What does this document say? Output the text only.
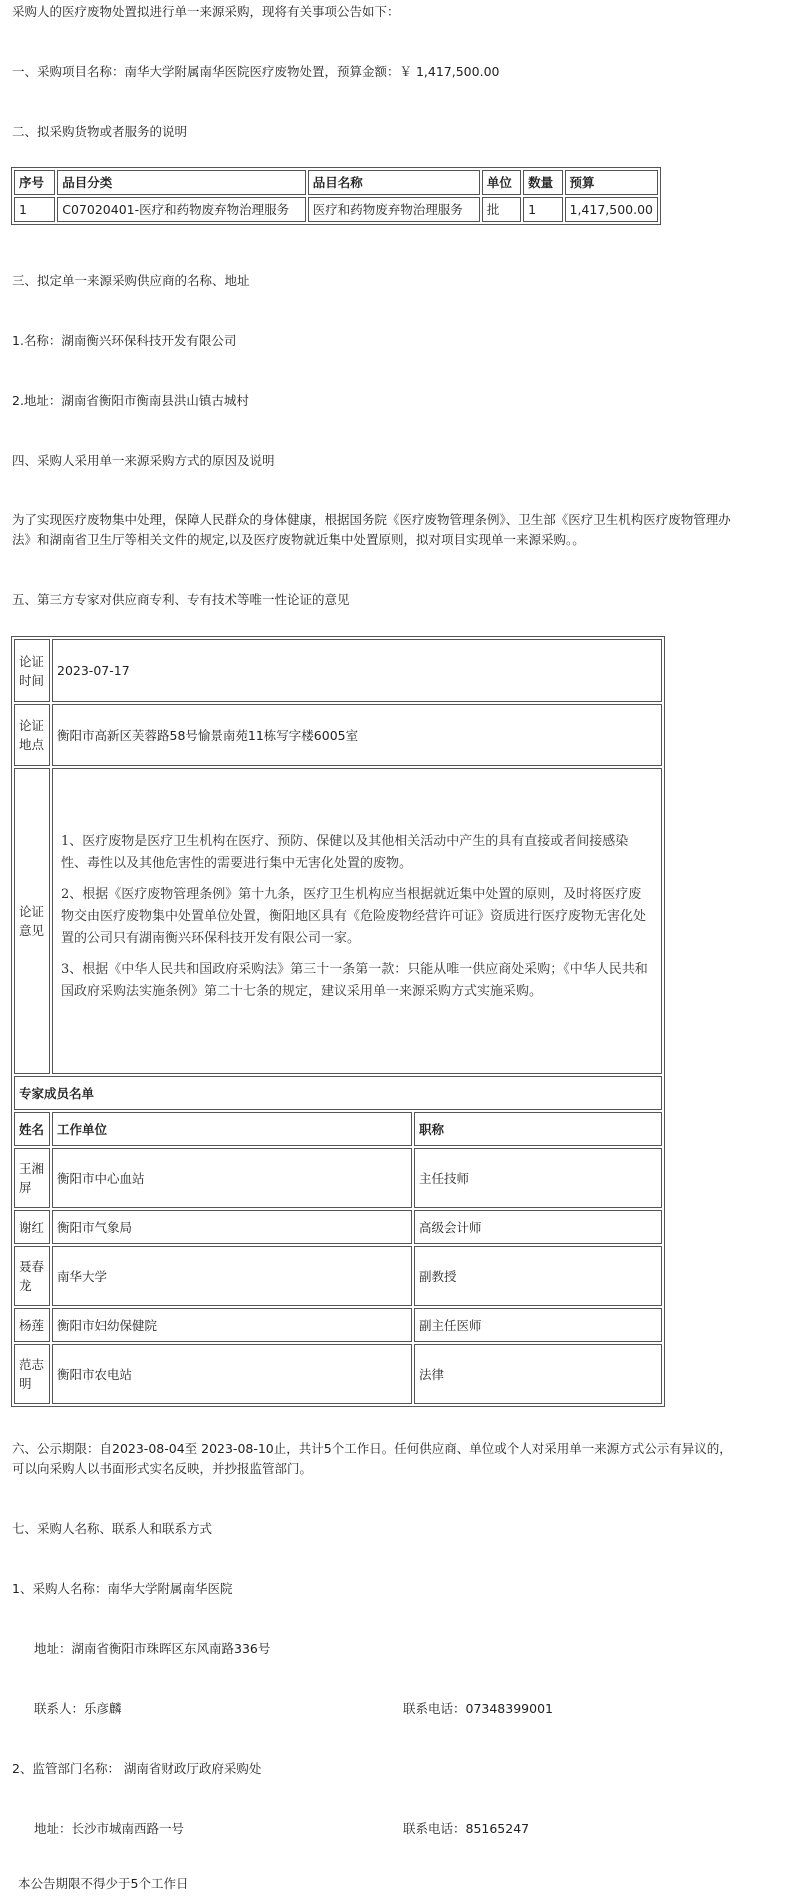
采购人的医疗废物处置拟进行单一来源采购，现将有关事项公告如下：

一、采购项目名称：南华大学附属南华医院医疗废物处置，预算金额：￥ 1,417,500.00

二、拟采购货物或者服务的说明

序号	品目分类	品目名称	单位	数量	预算
1	C07020401-医疗和药物废弃物治理服务	医疗和药物废弃物治理服务	批	1	1,417,500.00

三、拟定单一来源采购供应商的名称、地址

1.名称：湖南衡兴环保科技开发有限公司

2.地址：湖南省衡阳市衡南县洪山镇古城村

四、采购人采用单一来源采购方式的原因及说明

为了实现医疗废物集中处理，保障人民群众的身体健康，根据国务院《医疗废物管理条例》、卫生部《医疗卫生机构医疗废物管理办法》和湖南省卫生厅等相关文件的规定,以及医疗废物就近集中处置原则，拟对项目实现单一来源采购。。

五、第三方专家对供应商专利、专有技术等唯一性论证的意见

论证时间	2023-07-17	
论证地点	衡阳市高新区芙蓉路58号愉景南苑11栋写字楼6005室	
论证意见	1、医疗废物是医疗卫生机构在医疗、预防、保健以及其他相关活动中产生的具有直接或者间接感染性、毒性以及其他危害性的需要进行集中无害化处置的废物。

2、根据《医疗废物管理条例》第十九条，医疗卫生机构应当根据就近集中处置的原则，及时将医疗废物交由医疗废物集中处置单位处置，衡阳地区具有《危险废物经营许可证》资质进行医疗废物无害化处置的公司只有湖南衡兴环保科技开发有限公司一家。

3、根据《中华人民共和国政府采购法》第三十一条第一款：只能从唯一供应商处采购；《中华人民共和国政府采购法实施条例》第二十七条的规定，建议采用单一来源采购方式实施采购。	

专家成员名单		
姓名	工作单位	职称
王湘屏	衡阳市中心血站	主任技师
谢红	衡阳市气象局	高级会计师
聂春龙	南华大学	副教授
杨莲	衡阳市妇幼保健院	副主任医师
范志明	衡阳市农电站	法律

六、公示期限：自2023-08-04至 2023-08-10止，共计5个工作日。任何供应商、单位或个人对采用单一来源方式公示有异议的，可以向采购人以书面形式实名反映，并抄报监管部门。

七、采购人名称、联系人和联系方式

1、采购人名称：南华大学附属南华医院

地址：湖南省衡阳市珠晖区东风南路336号

联系人：乐彦麟	联系电话：07348399001

2、监管部门名称： 湖南省财政厅政府采购处

地址：长沙市城南西路一号	联系电话：85165247

本公告期限不得少于5个工作日
